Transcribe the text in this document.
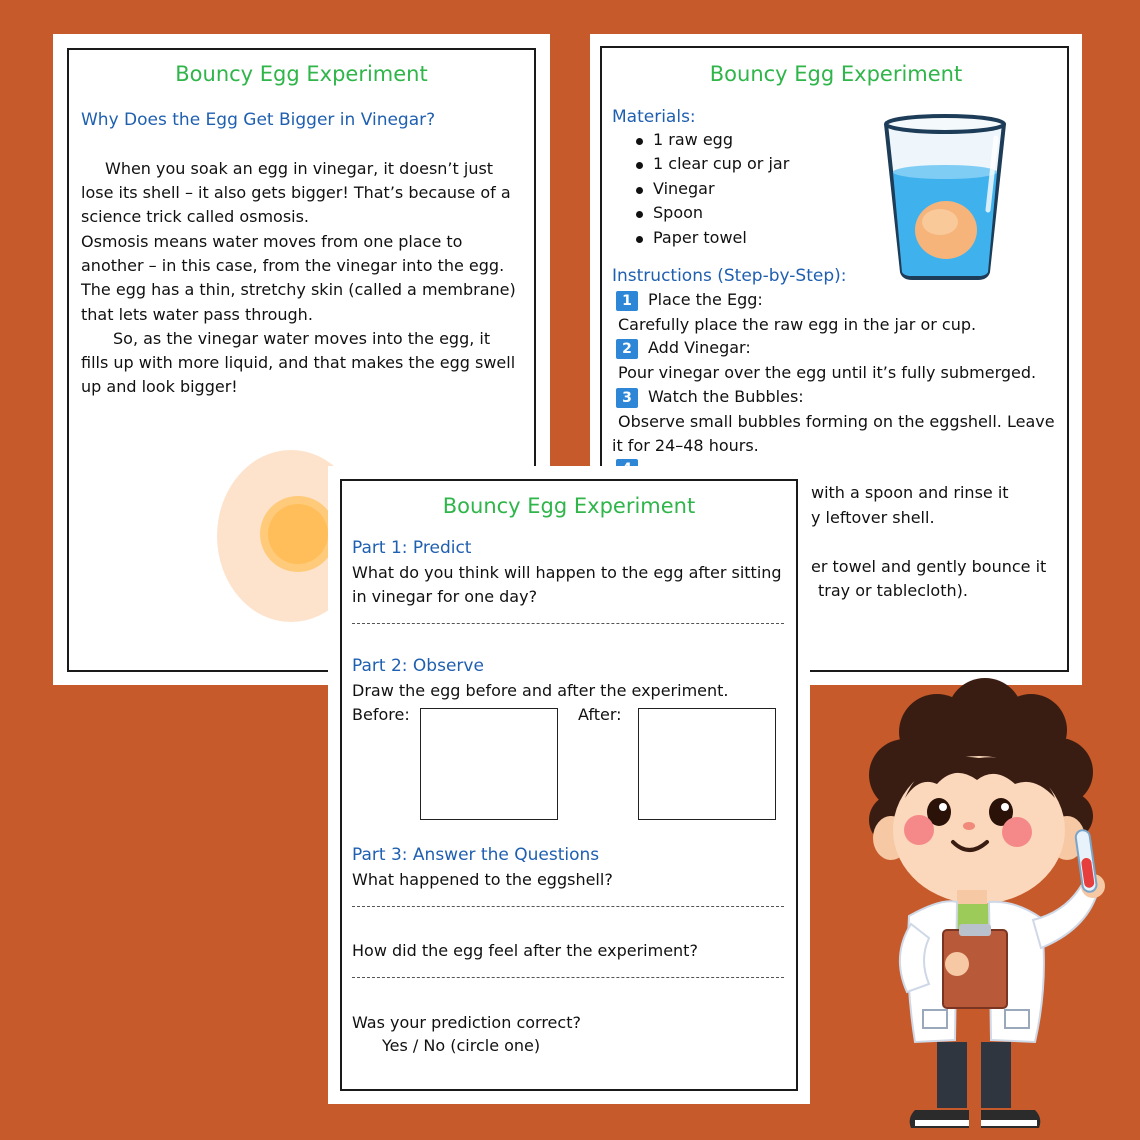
Bouncy Egg Experiment
Why Does the Egg Get Bigger in Vinegar?
When you soak an egg in vinegar, it doesn’t just
lose its shell – it also gets bigger! That’s because of a
science trick called osmosis.
Osmosis means water moves from one place to
another – in this case, from the vinegar into the egg.
The egg has a thin, stretchy skin (called a membrane)
that lets water pass through.
So, as the vinegar water moves into the egg, it
fills up with more liquid, and that makes the egg swell
up and look bigger!
Bouncy Egg Experiment
Materials:
1 raw egg
1 clear cup or jar
Vinegar
Spoon
Paper towel
Instructions (Step-by-Step):
1 Place the Egg:
Carefully place the raw egg in the jar or cup.
2 Add Vinegar:
Pour vinegar over the egg until it’s fully submerged.
3 Watch the Bubbles:
Observe small bubbles forming on the eggshell. Leave
it for 24–48 hours.
with a spoon and rinse it
y leftover shell.
er towel and gently bounce it
tray or tablecloth).
Bouncy Egg Experiment
Part 1: Predict
What do you think will happen to the egg after sitting
in vinegar for one day?
Part 2: Observe
Draw the egg before and after the experiment.
Before:	After:
Part 3: Answer the Questions
What happened to the eggshell?
How did the egg feel after the experiment?
Was your prediction correct?
Yes / No (circle one)
